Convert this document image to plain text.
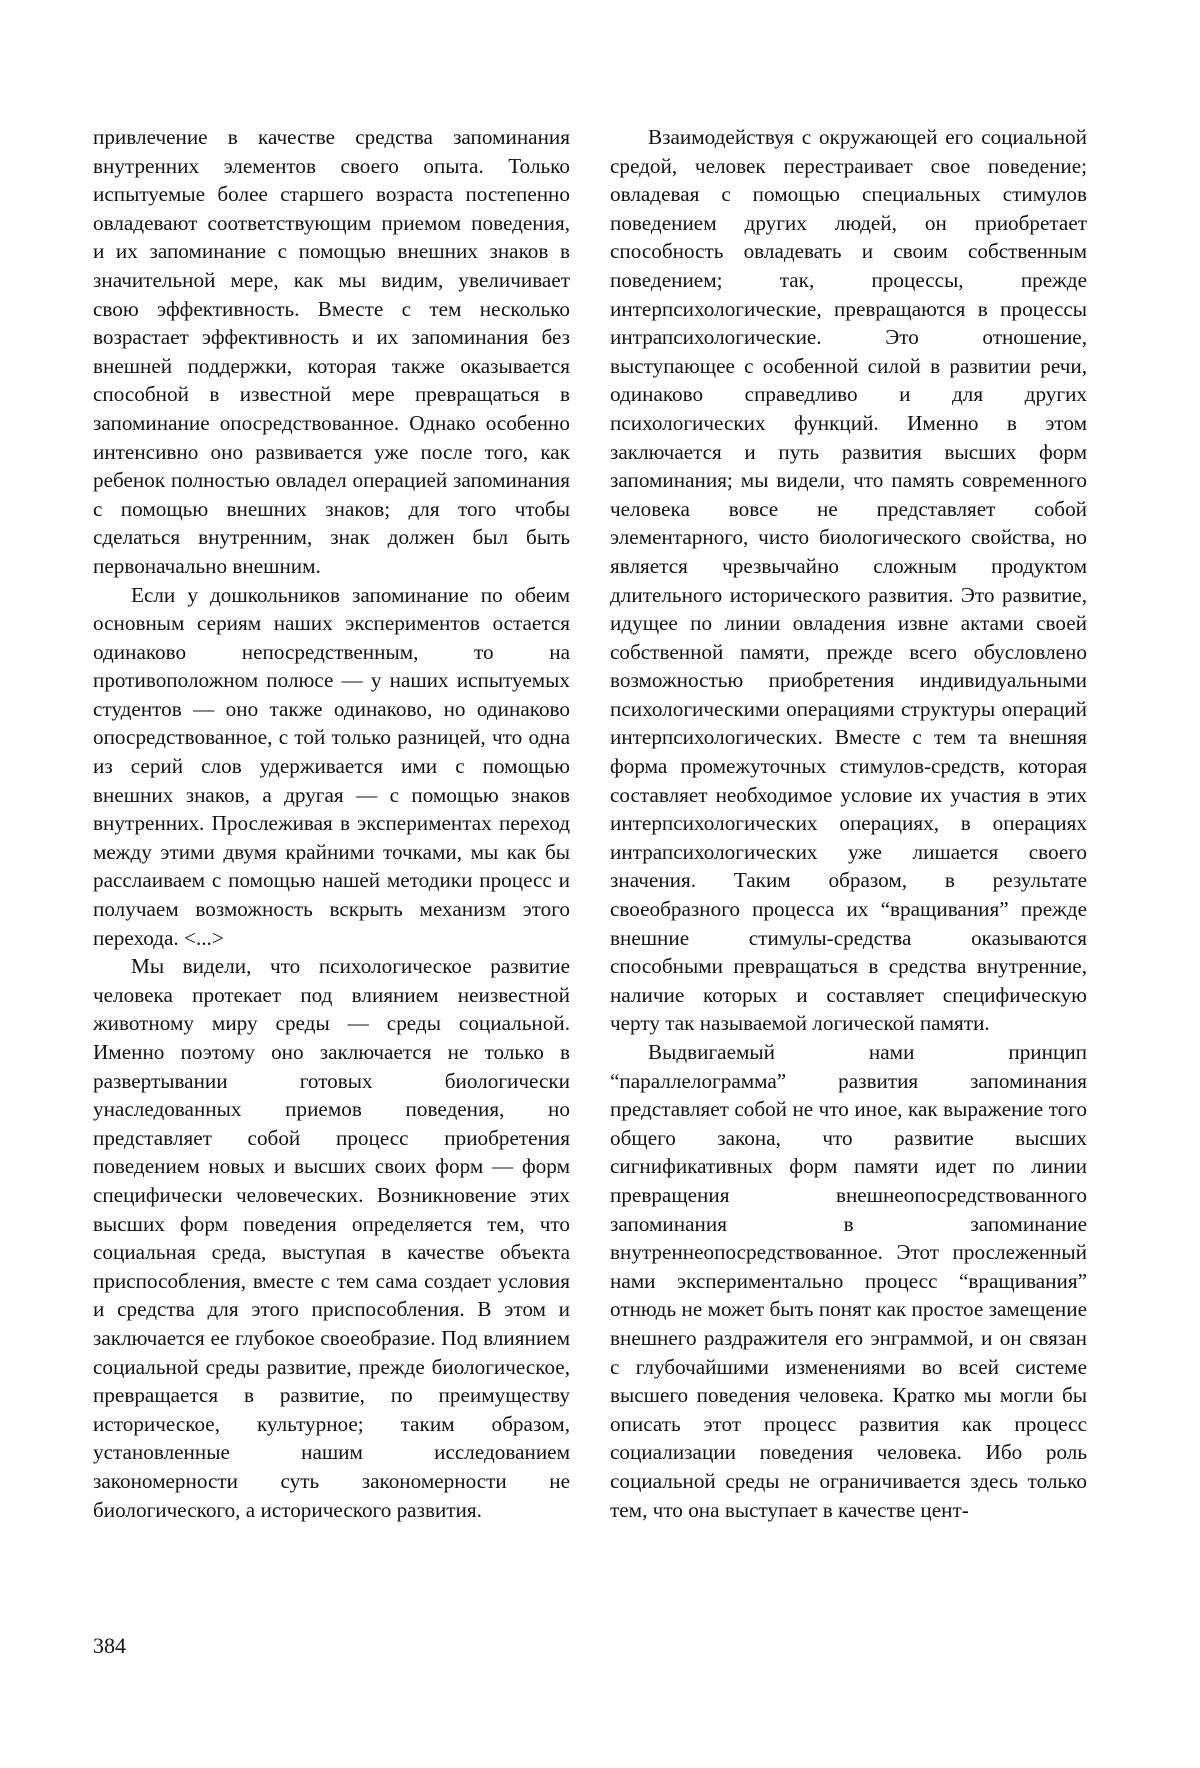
привлечение в качестве средства запоминания внутренних элементов своего опыта. Только испытуемые более старшего возраста постепенно овладевают соответствующим приемом поведения, и их запоминание с помощью внешних знаков в значительной мере, как мы видим, увеличивает свою эффективность. Вместе с тем несколько возрастает эффективность и их запоминания без внешней поддержки, которая также оказывается способной в известной мере превращаться в запоминание опосредствованное. Однако особенно интенсивно оно развивается уже после того, как ребенок полностью овладел операцией запоминания с помощью внешних знаков; для того чтобы сделаться внутренним, знак должен был быть первоначально внешним.

Если у дошкольников запоминание по обеим основным сериям наших экспериментов остается одинаково непосредственным, то на противоположном полюсе — у наших испытуемых студентов — оно также одинаково, но одинаково опосредствованное, с той только разницей, что одна из серий слов удерживается ими с помощью внешних знаков, а другая — с помощью знаков внутренних. Прослеживая в экспериментах переход между этими двумя крайними точками, мы как бы расслаиваем с помощью нашей методики процесс и получаем возможность вскрыть механизм этого перехода. <...>

Мы видели, что психологическое развитие человека протекает под влиянием неизвестной животному миру среды — среды социальной. Именно поэтому оно заключается не только в развертывании готовых биологически унаследованных приемов поведения, но представляет собой процесс приобретения поведением новых и высших своих форм — форм специфически человеческих. Возникновение этих высших форм поведения определяется тем, что социальная среда, выступая в качестве объекта приспособления, вместе с тем сама создает условия и средства для этого приспособления. В этом и заключается ее глубокое своеобразие. Под влиянием социальной среды развитие, прежде биологическое, превращается в развитие, по преимуществу историческое, культурное; таким образом, установленные нашим исследованием закономерности суть закономерности не биологического, а исторического развития.

Взаимодействуя с окружающей его социальной средой, человек перестраивает свое поведение; овладевая с помощью специальных стимулов поведением других людей, он приобретает способность овладевать и своим собственным поведением; так, процессы, прежде интерпсихологические, превращаются в процессы интрапсихологические. Это отношение, выступающее с особенной силой в развитии речи, одинаково справедливо и для других психологических функций. Именно в этом заключается и путь развития высших форм запоминания; мы видели, что память современного человека вовсе не представляет собой элементарного, чисто биологического свойства, но является чрезвычайно сложным продуктом длительного исторического развития. Это развитие, идущее по линии овладения извне актами своей собственной памяти, прежде всего обусловлено возможностью приобретения индивидуальными психологическими операциями структуры операций интерпсихологических. Вместе с тем та внешняя форма промежуточных стимулов-средств, которая составляет необходимое условие их участия в этих интерпсихологических операциях, в операциях интрапсихологических уже лишается своего значения. Таким образом, в результате своеобразного процесса их “вращивания” прежде внешние стимулы-средства оказываются способными превращаться в средства внутренние, наличие которых и составляет специфическую черту так называемой логической памяти.

Выдвигаемый нами принцип “параллелограмма” развития запоминания представляет собой не что иное, как выражение того общего закона, что развитие высших сигнификативных форм памяти идет по линии превращения внешнеопосредствованного запоминания в запоминание внутреннеопосредствованное. Этот прослеженный нами экспериментально процесс “вращивания” отнюдь не может быть понят как простое замещение внешнего раздражителя его энграммой, и он связан с глубочайшими изменениями во всей системе высшего поведения человека. Кратко мы могли бы описать этот процесс развития как процесс социализации поведения человека. Ибо роль социальной среды не ограничивается здесь только тем, что она выступает в качестве цент-

384
